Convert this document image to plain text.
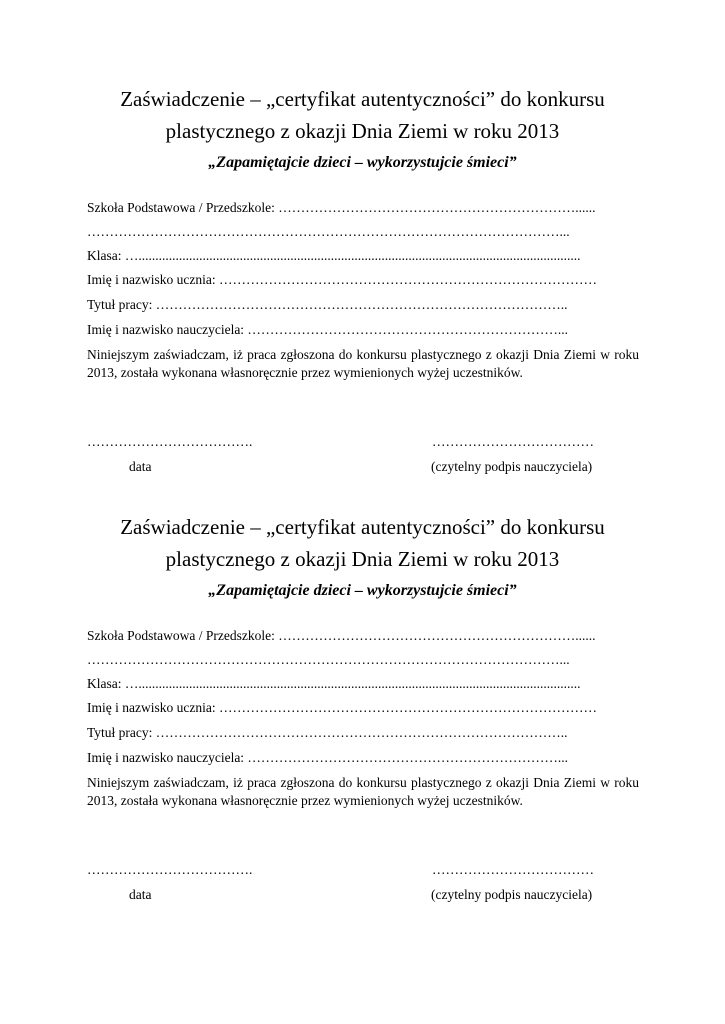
Zaświadczenie – „certyfikat autentyczności” do konkursu
plastycznego z okazji Dnia Ziemi w roku 2013
„Zapamiętajcie dzieci – wykorzystujcie śmieci”
Szkoła Podstawowa / Przedszkole: …………………………………………………………......
……………………………………………………………………………………………...
Klasa: …...................................................................................................................................
Imię i nazwisko ucznia: …………………………………………………………………………
Tytuł pracy: ………………………………………………………………………………..
Imię i nazwisko nauczyciela: ……………………………………………………………...
Niniejszym zaświadczam, iż praca zgłoszona do konkursu plastycznego z okazji Dnia Ziemi w roku 2013, została wykonana własnoręcznie przez wymienionych wyżej uczestników.
……………………………….	………………………………
data	(czytelny podpis nauczyciela)
Zaświadczenie – „certyfikat autentyczności” do konkursu
plastycznego z okazji Dnia Ziemi w roku 2013
„Zapamiętajcie dzieci – wykorzystujcie śmieci”
Szkoła Podstawowa / Przedszkole: …………………………………………………………......
……………………………………………………………………………………………...
Klasa: …...................................................................................................................................
Imię i nazwisko ucznia: …………………………………………………………………………
Tytuł pracy: ………………………………………………………………………………..
Imię i nazwisko nauczyciela: ……………………………………………………………...
Niniejszym zaświadczam, iż praca zgłoszona do konkursu plastycznego z okazji Dnia Ziemi w roku 2013, została wykonana własnoręcznie przez wymienionych wyżej uczestników.
……………………………….	………………………………
data	(czytelny podpis nauczyciela)
